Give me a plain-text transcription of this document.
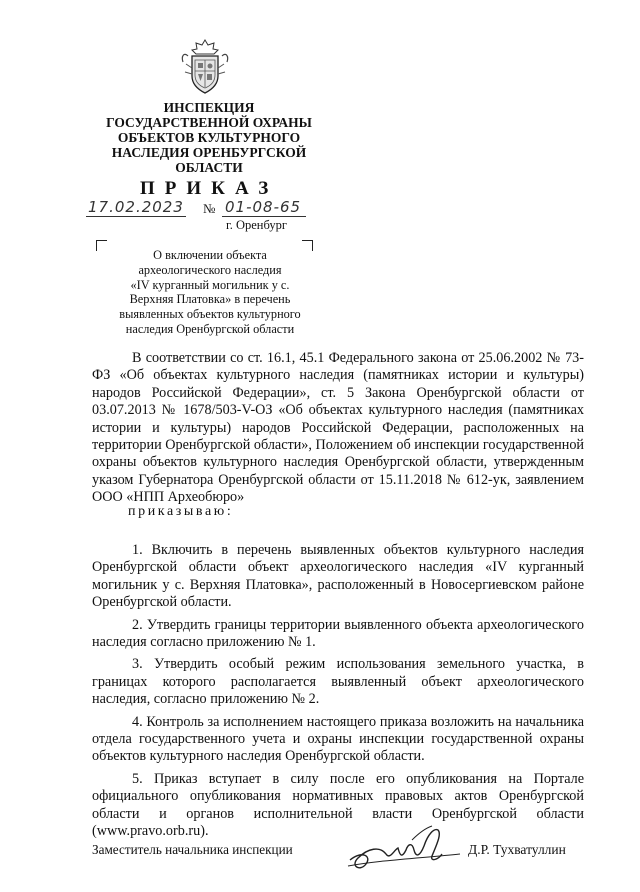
ИНСПЕКЦИЯ
ГОСУДАРСТВЕННОЙ ОХРАНЫ
ОБЪЕКТОВ КУЛЬТУРНОГО
НАСЛЕДИЯ ОРЕНБУРГСКОЙ
ОБЛАСТИ
ПРИКАЗ
17.02.2023 № 01-08-65
г. Оренбург
О включении объекта
археологического наследия
«IV курганный могильник у с.
Верхняя Платовка» в перечень
выявленных объектов культурного
наследия Оренбургской области
В соответствии со ст. 16.1, 45.1 Федерального закона от 25.06.2002 № 73-ФЗ «Об объектах культурного наследия (памятниках истории и культуры) народов Российской Федерации», ст. 5 Закона Оренбургской области от 03.07.2013 № 1678/503-V-ОЗ «Об объектах культурного наследия (памятниках истории и культуры) народов Российской Федерации, расположенных на территории Оренбургской области», Положением об инспекции государственной охраны объектов культурного наследия Оренбургской области, утвержденным указом Губернатора Оренбургской области от 15.11.2018 № 612-ук, заявлением ООО «НПП Археобюро»
приказываю:

1. Включить в перечень выявленных объектов культурного наследия Оренбургской области объект археологического наследия «IV курганный могильник у с. Верхняя Платовка», расположенный в Новосергиевском районе Оренбургской области.

2. Утвердить границы территории выявленного объекта археологического наследия согласно приложению № 1.

3. Утвердить особый режим использования земельного участка, в границах которого располагается выявленный объект археологического наследия, согласно приложению № 2.

4. Контроль за исполнением настоящего приказа возложить на начальника отдела государственного учета и охраны инспекции государственной охраны объектов культурного наследия Оренбургской области.

5. Приказ вступает в силу после его опубликования на Портале официального опубликования нормативных правовых актов Оренбургской области и органов исполнительной власти Оренбургской области (www.pravo.orb.ru).

Заместитель начальника инспекции	Д.Р. Тухватуллин
